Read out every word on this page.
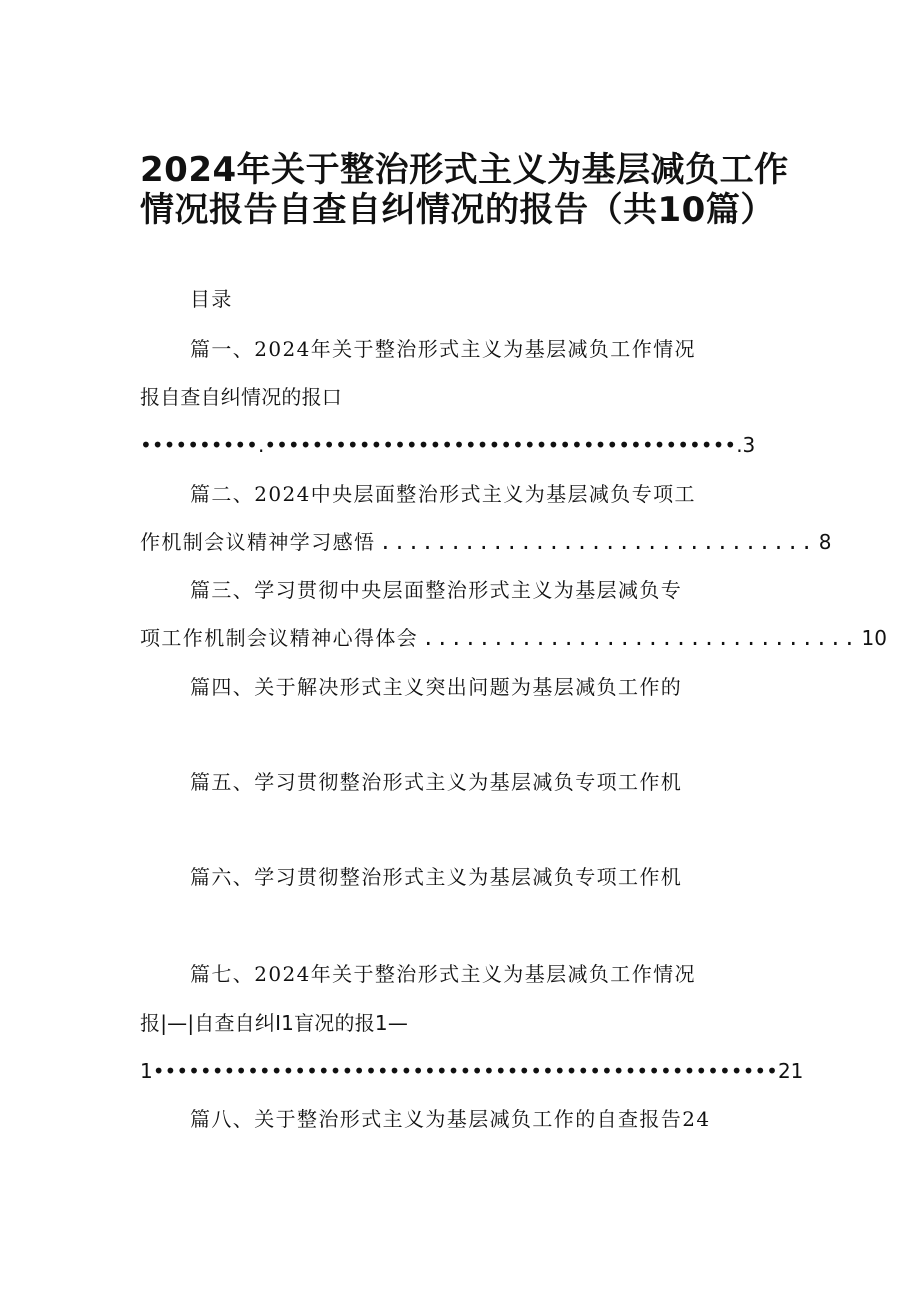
2024年关于整治形式主义为基层减负工作
情况报告自查自纠情况的报告（共10篇）
目录
篇一、2024年关于整治形式主义为基层减负工作情况
报自查自纠情况的报口
••••••••••.••••••••••••••••••••••••••••••••••••••••.3
篇二、2024中央层面整治形式主义为基层减负专项工
作机制会议精神学习感悟 ............................... 8
篇三、学习贯彻中央层面整治形式主义为基层减负专
项工作机制会议精神心得体会 ............................... 10
篇四、关于解决形式主义突出问题为基层减负工作的
篇五、学习贯彻整治形式主义为基层减负专项工作机
篇六、学习贯彻整治形式主义为基层减负专项工作机
篇七、2024年关于整治形式主义为基层减负工作情况
报|—|自查自纠I1盲况的报1—
1•••••••••••••••••••••••••••••••••••••••••••••••••••••21
篇八、关于整治形式主义为基层减负工作的自查报告24
